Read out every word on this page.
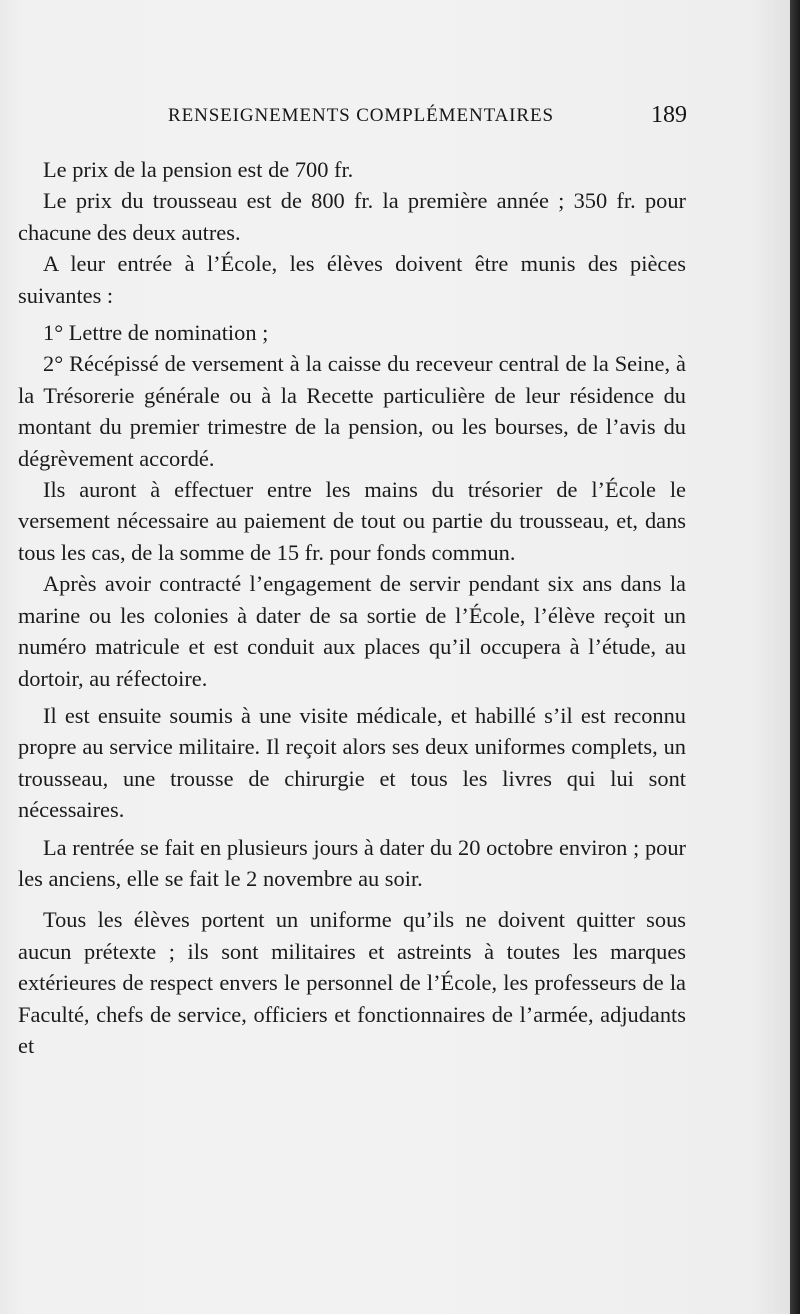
RENSEIGNEMENTS COMPLÉMENTAIRES	189

Le prix de la pension est de 700 fr.

Le prix du trousseau est de 800 fr. la première année ; 350 fr. pour chacune des deux autres.

A leur entrée à l’École, les élèves doivent être munis des pièces suivantes :

1° Lettre de nomination ;

2° Récépissé de versement à la caisse du receveur central de la Seine, à la Trésorerie générale ou à la Recette particulière de leur résidence du montant du premier trimestre de la pension, ou les bourses, de l’avis du dégrèvement accordé.

Ils auront à effectuer entre les mains du trésorier de l’École le versement nécessaire au paiement de tout ou partie du trousseau, et, dans tous les cas, de la somme de 15 fr. pour fonds commun.

Après avoir contracté l’engagement de servir pendant six ans dans la marine ou les colonies à dater de sa sortie de l’École, l’élève reçoit un numéro matricule et est conduit aux places qu’il occupera à l’étude, au dortoir, au réfectoire.

Il est ensuite soumis à une visite médicale, et habillé s’il est reconnu propre au service militaire. Il reçoit alors ses deux uniformes complets, un trousseau, une trousse de chirurgie et tous les livres qui lui sont nécessaires.

La rentrée se fait en plusieurs jours à dater du 20 octobre environ ; pour les anciens, elle se fait le 2 novembre au soir.

Tous les élèves portent un uniforme qu’ils ne doivent quitter sous aucun prétexte ; ils sont militaires et astreints à toutes les marques extérieures de respect envers le personnel de l’École, les professeurs de la Faculté, chefs de service, officiers et fonctionnaires de l’armée, adjudants et
